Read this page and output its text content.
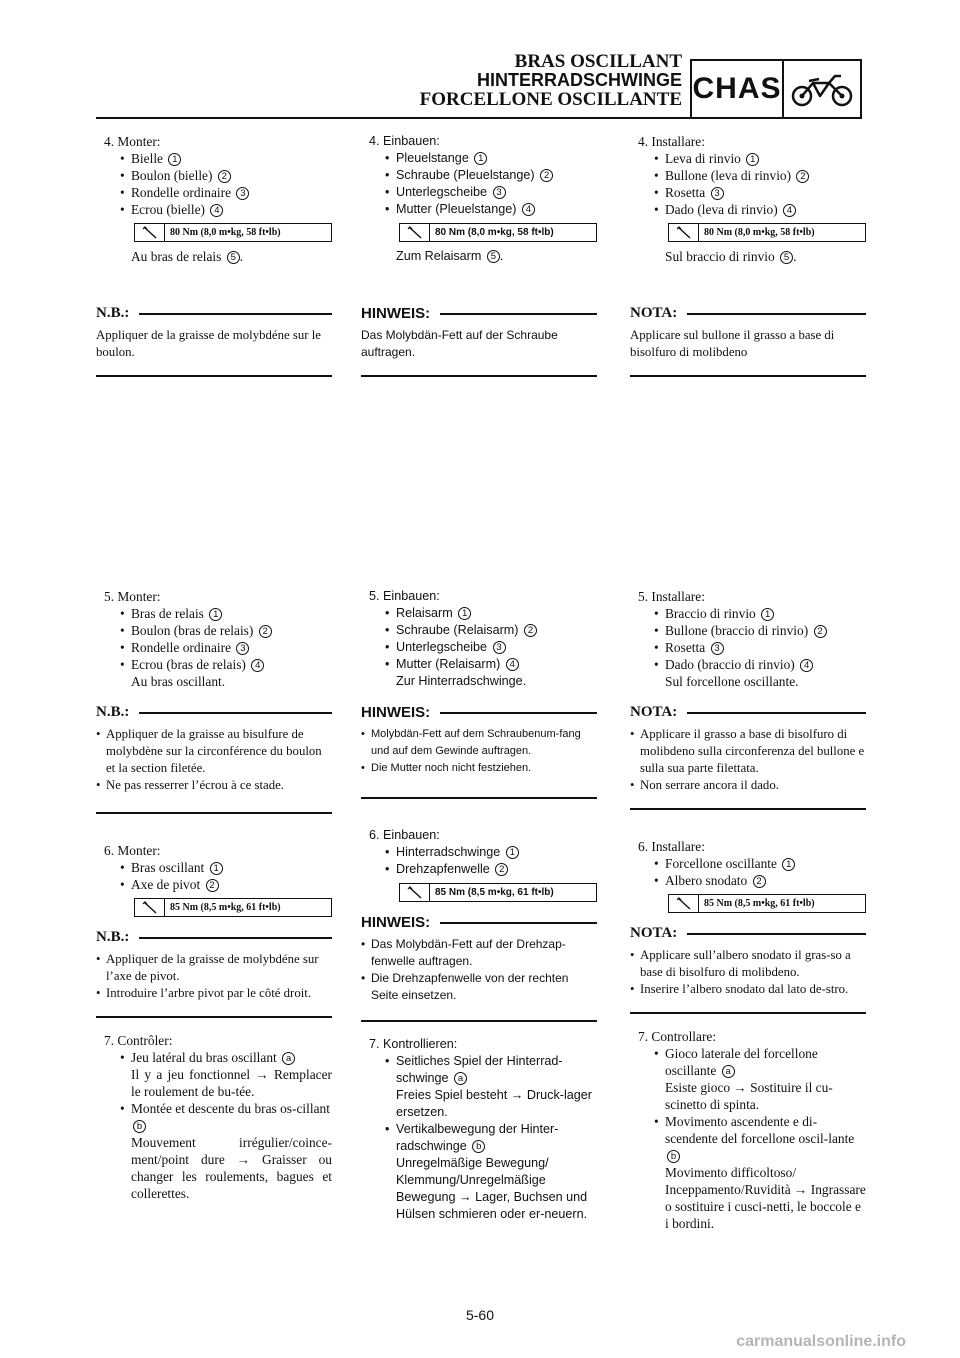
BRAS OSCILLANT
HINTERRADSCHWINGE
FORCELLONE OSCILLANTE CHAS
4. Monter:
• Bielle 1
• Boulon (bielle) 2
• Rondelle ordinaire 3
• Ecrou (bielle) 4
80 Nm (8,0 m•kg, 58 ft•lb)
Au bras de relais 5 .
N.B.:
Appliquer de la graisse de molybdéne sur le boulon.
5. Monter:
• Bras de relais 1
• Boulon (bras de relais) 2
• Rondelle ordinaire 3
• Ecrou (bras de relais) 4
Au bras oscillant.
N.B.:
• Appliquer de la graisse au bisulfure de molybdène sur la circonférence du boulon et la section filetée.
• Ne pas resserrer l’écrou à ce stade.
6. Monter:
• Bras oscillant 1
• Axe de pivot 2
85 Nm (8,5 m•kg, 61 ft•lb)
N.B.:
• Appliquer de la graisse de molybdéne sur l’axe de pivot.
• Introduire l’arbre pivot par le côté droit.
7. Contrôler:
• Jeu latéral du bras oscillant a
Il y a jeu fonctionnel → Remplacer le roulement de bu-tée.
• Montée et descente du bras os-cillant b
Mouvement irrégulier/coince-ment/point dure → Graisser ou changer les roulements, bagues et collerettes.
4. Einbauen:
• Pleuelstange 1
• Schraube (Pleuelstange) 2
• Unterlegscheibe 3
• Mutter (Pleuelstange) 4
80 Nm (8,0 m•kg, 58 ft•lb)
Zum Relaisarm 5 .
HINWEIS:
Das Molybdän-Fett auf der Schraube auftragen.
5. Einbauen:
• Relaisarm 1
• Schraube (Relaisarm) 2
• Unterlegscheibe 3
• Mutter (Relaisarm) 4
Zur Hinterradschwinge.
HINWEIS:
• Molybdän-Fett auf dem Schraubenum-fang und auf dem Gewinde auftragen.
• Die Mutter noch nicht festziehen.
6. Einbauen:
• Hinterradschwinge 1
• Drehzapfenwelle 2
85 Nm (8,5 m•kg, 61 ft•lb)
HINWEIS:
• Das Molybdän-Fett auf der Drehzap-fenwelle auftragen.
• Die Drehzapfenwelle von der rechten Seite einsetzen.
7. Kontrollieren:
• Seitliches Spiel der Hinterrad-schwinge a
Freies Spiel besteht → Druck-lager ersetzen.
• Vertikalbewegung der Hinter-radschwinge b
Unregelmäßige Bewegung/ Klemmung/Unregelmäßige Bewegung → Lager, Buchsen und Hülsen schmieren oder er-neuern.
4. Installare:
• Leva di rinvio 1
• Bullone (leva di rinvio) 2
• Rosetta 3
• Dado (leva di rinvio) 4
80 Nm (8,0 m•kg, 58 ft•lb)
Sul braccio di rinvio 5 .
NOTA:
Applicare sul bullone il grasso a base di bisolfuro di molibdeno
5. Installare:
• Braccio di rinvio 1
• Bullone (braccio di rinvio) 2
• Rosetta 3
• Dado (braccio di rinvio) 4
Sul forcellone oscillante.
NOTA:
• Applicare il grasso a base di bisolfuro di molibdeno sulla circonferenza del bullone e sulla sua parte filettata.
• Non serrare ancora il dado.
6. Installare:
• Forcellone oscillante 1
• Albero snodato 2
85 Nm (8,5 m•kg, 61 ft•lb)
NOTA:
• Applicare sull’albero snodato il gras-so a base di bisolfuro di molibdeno.
• Inserire l’albero snodato dal lato de-stro.
7. Controllare:
• Gioco laterale del forcellone oscillante a
Esiste gioco → Sostituire il cu-scinetto di spinta.
• Movimento ascendente e di-scendente del forcellone oscil-lante b
Movimento difficoltoso/ Inceppamento/Ruvidità → Ingrassare o sostituire i cusci-netti, le boccole e i bordini.
5-60
carmanualsonline.info
